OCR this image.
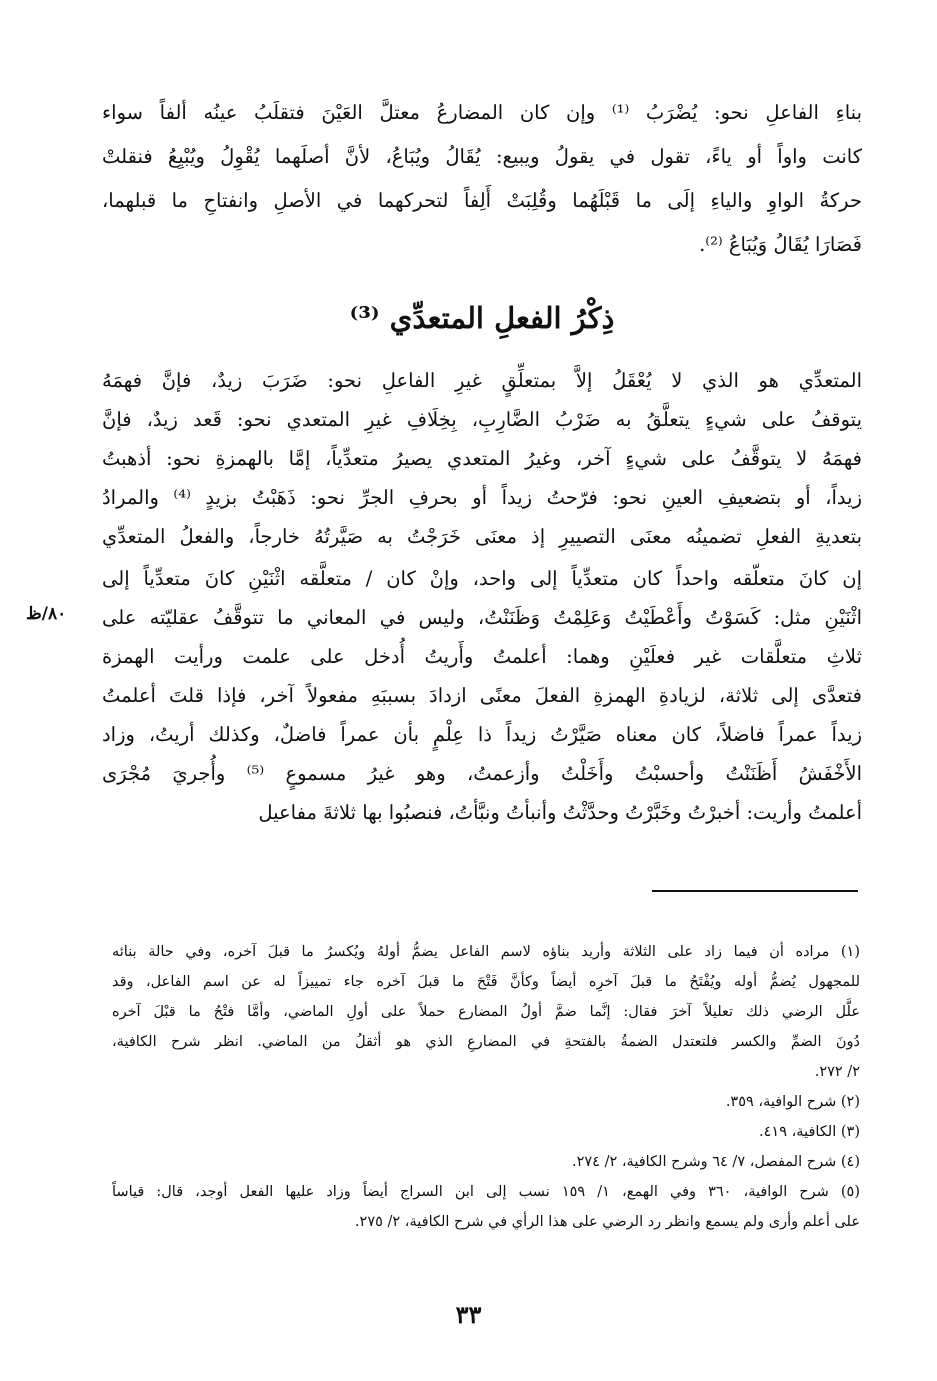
بناءِ الفاعلِ نحو: يُضْرَبُ ⁽¹⁾ وإن كان المضارعُ معتلَّ العَيْنَ فتقلَبُ عينُه ألفاً سواء
كانت واواً أو ياءً، تقول في يقولُ ويبيع: يُقَالُ ويُبَاعُ، لأنَّ أصلَهما يُقْوِلُ ويُبْيِعُ فنقلتْ
حركةُ الواوِ والياءِ إلَى ما قَبْلَهُما وقُلِبَتْ أَلِفاً لتحركهما في الأصلِ وانفتاحِ ما قبلهما،
فَصَارَا يُقَالُ وَيُبَاعُ ⁽²⁾.
ذِكْرُ الفعلِ المتعدِّي ⁽³⁾
المتعدِّي هو الذي لا يُعْقَلُ إلاَّ بمتعلِّقٍ غيرِ الفاعلِ نحو: ضَرَبَ زيدٌ، فإنَّ فهمَهُ
يتوقفُ على شيءٍ يتعلَّقُ به ضَرْبُ الضَّارِبِ، بِخِلَافِ غيرِ المتعدي نحو: قَعد زيدٌ، فإنَّ
فهمَهُ لا يتوقَّفُ على شيءٍ آخر، وغيرُ المتعدي يصيرُ متعدِّياً، إمَّا بالهمزةِ نحو: أذهبتُ
زيداً، أو بتضعيفِ العينِ نحو: فرّحتُ زيداً أو بحرفِ الجرِّ نحو: ذَهَبْتُ بزيدٍ ⁽⁴⁾ والمرادُ
بتعديةِ الفعلِ تضمينُه معنَى التصييرِ إذ معنَى خَرَجْتُ به صَيَّرتُهُ خارجاً، والفعلُ المتعدِّي
إن كانَ متعلّقه واحداً كان متعدِّياً إلى واحد، وإنْ كان / متعلَّقه اثْنَيْنِ كانَ متعدِّياً إلى
اثْنَيْنِ مثل: كَسَوْتُ وأَعْطَيْتُ وَعَلِمْتُ وَظَنَنْتُ، وليس في المعاني ما تتوقَّفُ عقليّته على
ثلاثِ متعلَّقات غير فعلَيْنِ وهما: أعلمتُ وأَريتُ أُدخل على علمت ورأيت الهمزة
فتعدَّى إلى ثلاثة، لزيادةِ الهمزةِ الفعلَ معنًى ازدادَ بسببَهِ مفعولاً آخر، فإذا قلتَ أعلمتُ
زيداً عمراً فاضلاً، كان معناه صَيَّرْتُ زيداً ذا عِلْمٍ بأن عمراً فاضلٌ، وكذلك أريتُ، وزاد
الأَخْفَشُ أَظَنَنْتُ وأحسبْتُ وأَخَلْتُ وأزعمتُ، وهو غيرُ مسموعٍ ⁽⁵⁾ وأُجريَ مُجْرَى
أعلمتُ وأريت: أخبرْتُ وخَبَّرْتُ وحدَّثْتُ وأنبأتُ ونبَّأتُ، فنصبُوا بها ثلاثةَ مفاعيل
٨٠/ظ
(١) مراده أن فيما زاد على الثلاثة وأريد بناؤه لاسم الفاعل يضمُّ أولهُ ويُكسرُ ما قبلَ آخره، وفي حالة بنائه
للمجهول يُضمُّ أوله ويُفْتَحُ ما قبلَ آخرِه أيضاً وكأنَّ فَتْحَ ما قبلَ آخره جاء تمييزاً له عن اسم الفاعل، وقد
علَّل الرضي ذلك تعليلاً آخرَ فقال: إنَّما ضمَّ أولُ المضارع حملاً على أولِ الماضي، وأمَّا فتْحُ ما قبْلَ آخره
دُونَ الضمِّ والكسر فلتعتدل الضمةُ بالفتحةِ في المضارعِ الذي هو أثقلُ من الماضي. انظر شرح الكافية،
٢/ ٢٧٢.
(٢) شرح الوافية، ٣٥٩.
(٣) الكافية، ٤١٩.
(٤) شرح المفصل، ٧/ ٦٤ وشرح الكافية، ٢/ ٢٧٤.
(٥) شرح الوافية، ٣٦٠ وفي الهمع، ١/ ١٥٩ نسب إلى ابن السراج أيضاً وزاد عليها الفعل أوجد، قال: قياساً
على أعلم وأرى ولم يسمع وانظر رد الرضي على هذا الرأي في شرح الكافية، ٢/ ٢٧٥.
٣٣
